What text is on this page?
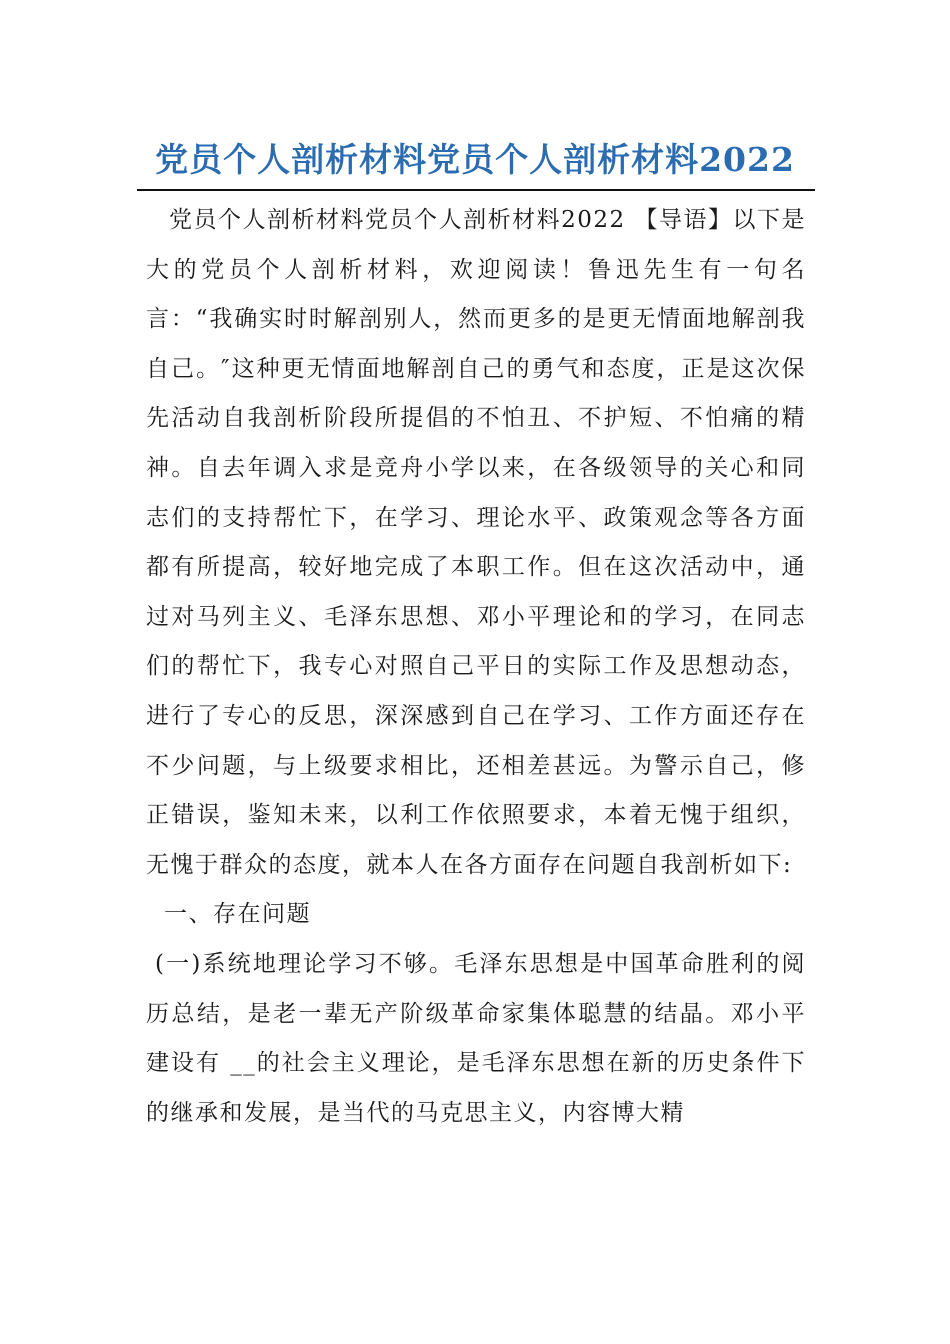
党员个人剖析材料党员个人剖析材料2022

党员个人剖析材料党员个人剖析材料2022 【导语】以下是大的党员个人剖析材料，欢迎阅读！鲁迅先生有一句名言：“我确实时时解剖别人，然而更多的是更无情面地解剖我自己。″这种更无情面地解剖自己的勇气和态度，正是这次保先活动自我剖析阶段所提倡的不怕丑、不护短、不怕痛的精神。自去年调入求是竞舟小学以来，在各级领导的关心和同志们的支持帮忙下，在学习、理论水平、政策观念等各方面都有所提高，较好地完成了本职工作。但在这次活动中，通过对马列主义、毛泽东思想、邓小平理论和的学习，在同志们的帮忙下，我专心对照自己平日的实际工作及思想动态，进行了专心的反思，深深感到自己在学习、工作方面还存在不少问题，与上级要求相比，还相差甚远。为警示自己，修正错误，鉴知未来，以利工作依照要求，本着无愧于组织，无愧于群众的态度，就本人在各方面存在问题自我剖析如下:

一、存在问题

(一)系统地理论学习不够。毛泽东思想是中国革命胜利的阅历总结，是老一辈无产阶级革命家集体聪慧的结晶。邓小平建设有 __的社会主义理论，是毛泽东思想在新的历史条件下的继承和发展，是当代的马克思主义，内容博大精
